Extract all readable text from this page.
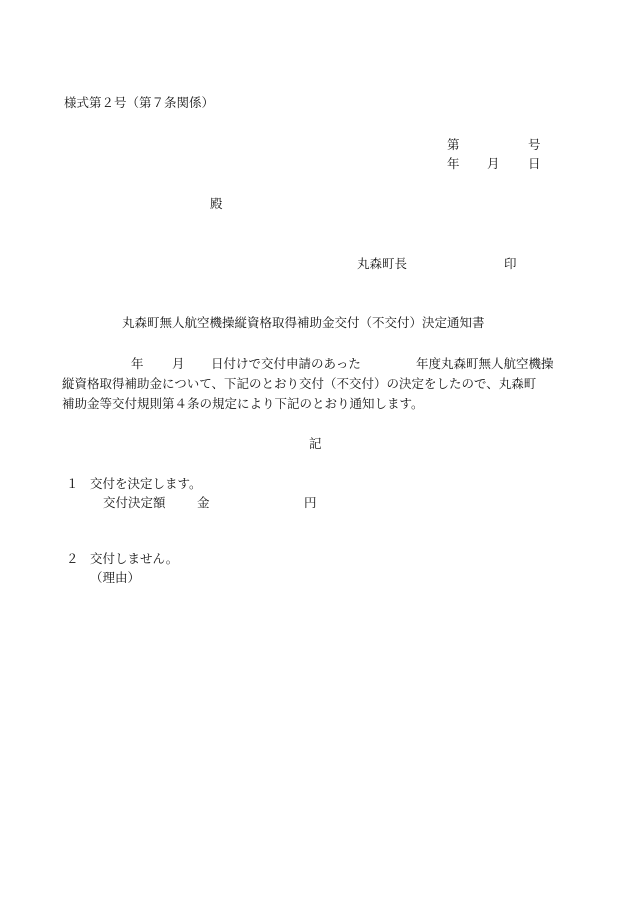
様式第２号（第７条関係）
第	号
年 月 日
殿
丸森町長	印
丸森町無人航空機操縦資格取得補助金交付（不交付）決定通知書
年 月 日付けで交付申請のあった	年度丸森町無人航空機操
縦資格取得補助金について、下記のとおり交付（不交付）の決定をしたので、丸森町
補助金等交付規則第４条の規定により下記のとおり通知します。
記
１ 交付を決定します。
交付決定額	金	円
２ 交付しません。
（理由）
